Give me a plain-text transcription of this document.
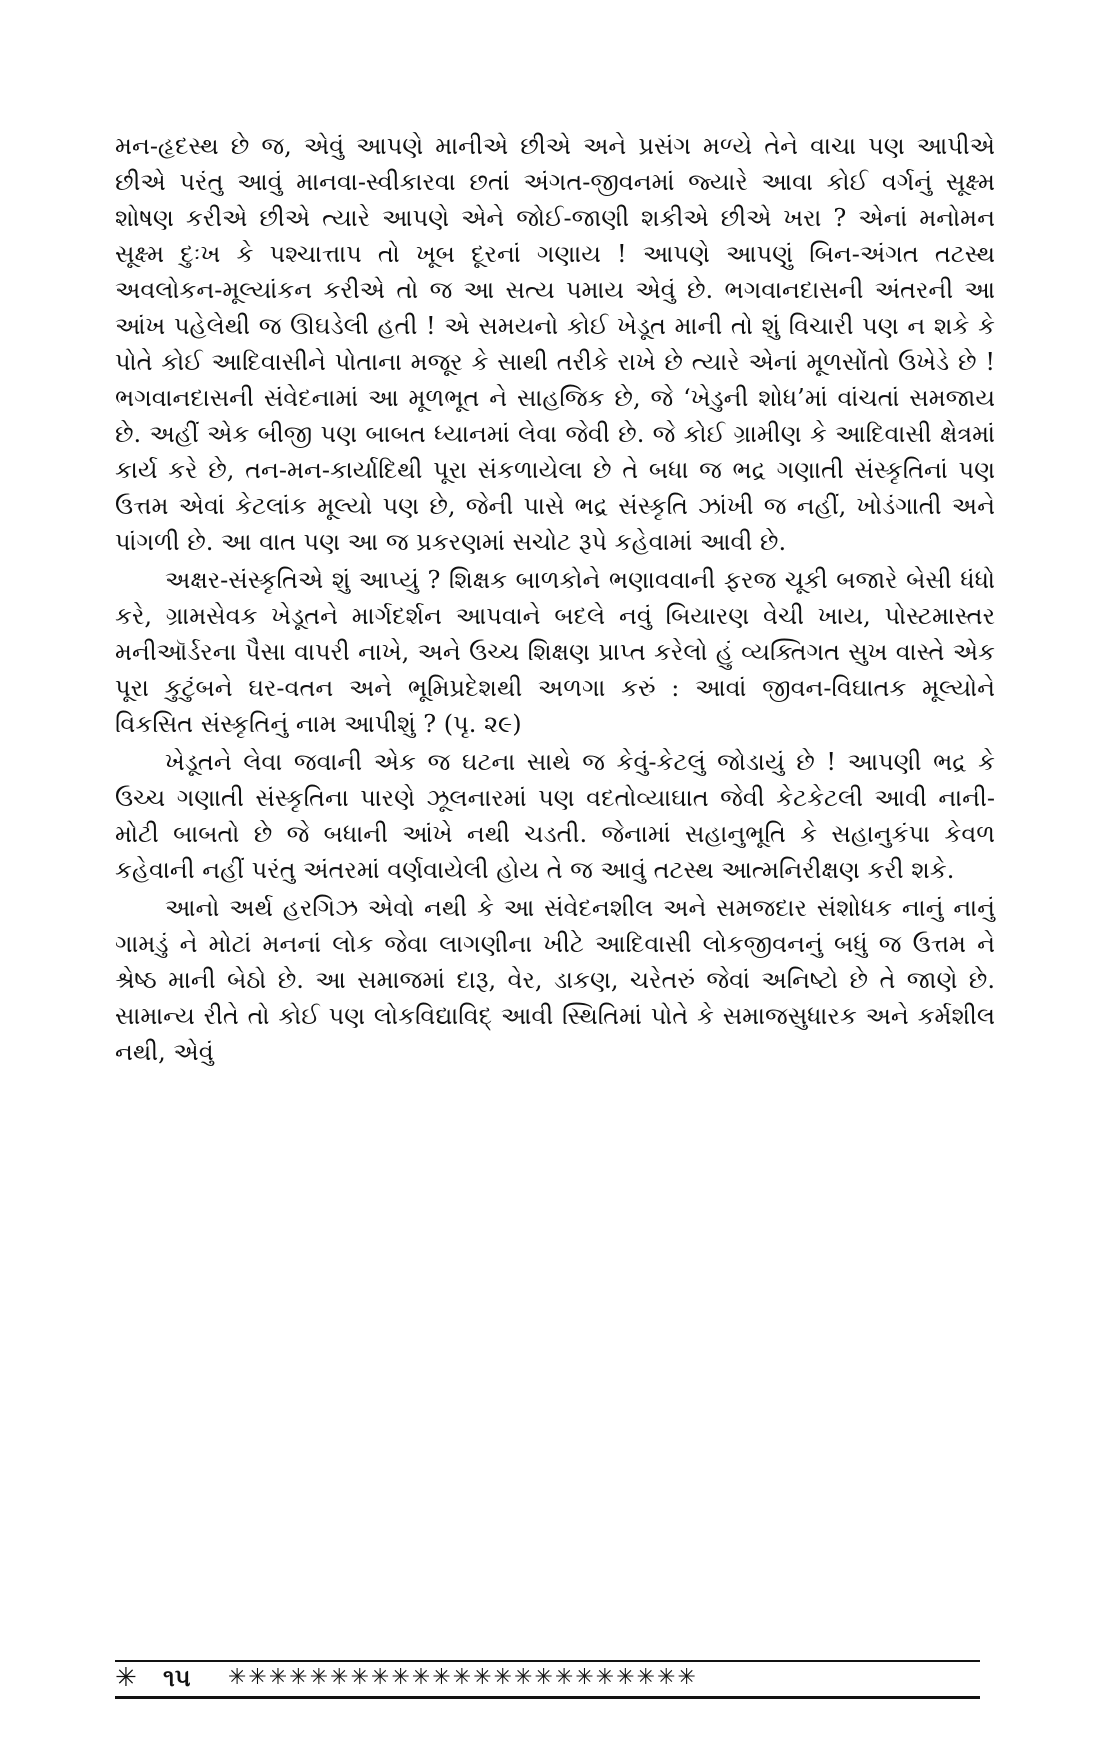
મન-હૃદસ્થ છે જ, એવું આપણે માનીએ છીએ અને પ્રસંગ મળ્યે તેને વાચા પણ આપીએ છીએ પરંતુ આવું માનવા-સ્વીકારવા છતાં અંગત-જીવનમાં જ્યારે આવા કોઈ વર્ગનું સૂક્ષ્મ શોષણ કરીએ છીએ ત્યારે આપણે એને જોઈ-જાણી શકીએ છીએ ખરા ? એનાં મનોમન સૂક્ષ્મ દુઃખ કે પશ્ચાત્તાપ તો ખૂબ દૂરનાં ગણાય ! આપણે આપણું બિન-અંગત તટસ્થ અવલોકન-મૂલ્યાંકન કરીએ તો જ આ સત્ય પમાય એવું છે. ભગવાનદાસની અંતરની આ આંખ પહેલેથી જ ઊઘડેલી હતી ! એ સમયનો કોઈ ખેડૂત માની તો શું વિચારી પણ ન શકે કે પોતે કોઈ આદિવાસીને પોતાના મજૂર કે સાથી તરીકે રાખે છે ત્યારે એનાં મૂળસોંતો ઉખેડે છે ! ભગવાનદાસની સંવેદનામાં આ મૂળભૂત ને સાહજિક છે, જે ‘ખેડુની શોધ’માં વાંચતાં સમજાય છે. અહીં એક બીજી પણ બાબત ધ્યાનમાં લેવા જેવી છે. જે કોઈ ગ્રામીણ કે આદિવાસી ક્ષેત્રમાં કાર્ય કરે છે, તન-મન-કાર્યાદિથી પૂરા સંકળાયેલા છે તે બધા જ ભદ્ર ગણાતી સંસ્કૃતિનાં પણ ઉત્તમ એવાં કેટલાંક મૂલ્યો પણ છે, જેની પાસે ભદ્ર સંસ્કૃતિ ઝાંખી જ નહીં, ખોડંગાતી અને પાંગળી છે. આ વાત પણ આ જ પ્રકરણમાં સચોટ રૂપે કહેવામાં આવી છે.

અક્ષર-સંસ્કૃતિએ શું આપ્યું ? શિક્ષક બાળકોને ભણાવવાની ફરજ ચૂકી બજારે બેસી ધંધો કરે, ગ્રામસેવક ખેડૂતને માર્ગદર્શન આપવાને બદલે નવું બિયારણ વેચી ખાય, પોસ્ટમાસ્તર મનીઑર્ડરના પૈસા વાપરી નાખે, અને ઉચ્ચ શિક્ષણ પ્રાપ્ત કરેલો હું વ્યક્તિગત સુખ વાસ્તે એક પૂરા કુટુંબને ઘર-વતન અને ભૂમિપ્રદેશથી અળગા કરું : આવાં જીવન-વિઘાતક મૂલ્યોને વિકસિત સંસ્કૃતિનું નામ આપીશું ? (પૃ. ૨૯)

ખેડૂતને લેવા જવાની એક જ ઘટના સાથે જ કેવું-કેટલું જોડાયું છે ! આપણી ભદ્ર કે ઉચ્ચ ગણાતી સંસ્કૃતિના પારણે ઝૂલનારમાં પણ વદતોવ્યાઘાત જેવી કેટકેટલી આવી નાની-મોટી બાબતો છે જે બધાની આંખે નથી ચડતી. જેનામાં સહાનુભૂતિ કે સહાનુકંપા કેવળ કહેવાની નહીં પરંતુ અંતરમાં વર્ણવાયેલી હોય તે જ આવું તટસ્થ આત્મનિરીક્ષણ કરી શકે.

આનો અર્થ હરગિઝ એવો નથી કે આ સંવેદનશીલ અને સમજદાર સંશોધક નાનું નાનું ગામડું ને મોટાં મનનાં લોક જેવા લાગણીના ખીટે આદિવાસી લોકજીવનનું બધું જ ઉત્તમ ને શ્રેષ્ઠ માની બેઠો છે. આ સમાજમાં દારૂ, વેર, ડાકણ, ચરેતરું જેવાં અનિષ્ટો છે તે જાણે છે. સામાન્ય રીતે તો કોઈ પણ લોકવિદ્યાવિદ્ આવી સ્થિતિમાં પોતે કે સમાજસુધારક અને કર્મશીલ નથી, એવું

✳ ૧૫ ✳✳✳✳✳✳✳✳✳✳✳✳✳✳✳✳✳✳✳✳✳✳✳
